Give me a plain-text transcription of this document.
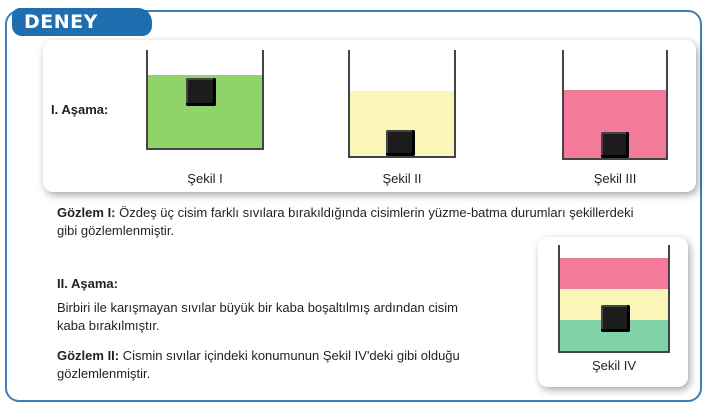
DENEY
I. Aşama:
Şekil I	Şekil II	Şekil III
Gözlem I: Özdeş üç cisim farklı sıvılara bırakıldığında cisimlerin yüzme-batma durumları şekillerdeki
gibi gözlemlenmiştir.
II. Aşama:
Birbiri ile karışmayan sıvılar büyük bir kaba boşaltılmış ardından cisim
kaba bırakılmıştır.
Gözlem II: Cismin sıvılar içindeki konumunun Şekil IV'deki gibi olduğu
gözlemlenmiştir.
Şekil IV
